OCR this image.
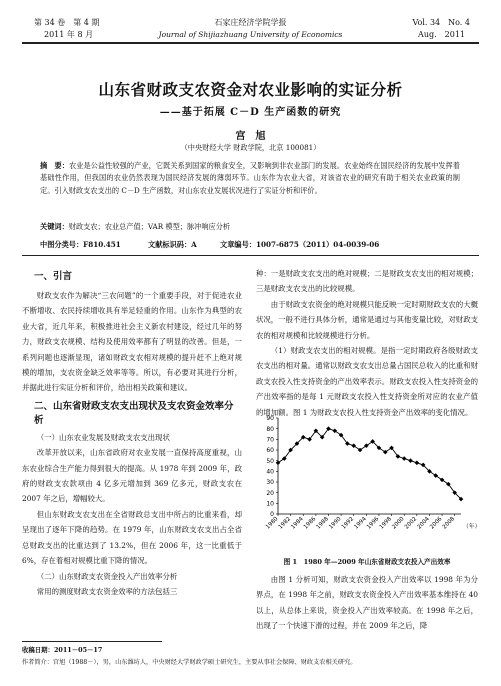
第 34 卷　第 4 期
2011 年 8 月
石家庄经济学院学报
Journal of Shijiazhuang University of Economics
Vol. 34　No. 4
Aug.　2011
山东省财政支农资金对农业影响的实证分析
——基于拓展 C－D 生产函数的研究
宫　旭
（中央财经大学 财政学院，北京 100081）
摘　要：农业是公益性较强的产业，它既关系到国家的粮食安全，又影响到非农业部门的发展。农业始终在国民经济的发展中发挥着基础性作用，但我国的农业仍然表现为国民经济发展的薄弱环节。山东作为农业大省，对该省农业的研究有助于相关农业政策的制定。引入财政支农支出的 C－D 生产函数，对山东农业发展状况进行了实证分析和评价。
关键词：财政支农；农业总产值；VAR 模型；脉冲响应分析
中图分类号：F810.451	文献标识码：A	文章编号：1007-6875（2011）04-0039-06
一、引言

财政支农作为解决“三农问题”的一个重要手段，对于促进农业不断增收、农民持续增收具有举足轻重的作用。山东作为典型的农业大省，近几年来，积极推进社会主义新农村建设，经过几年的努力，财政支农规模、结构及使用效率都有了明显的改善。但是，一系列问题也逐渐显现，诸如财政支农相对规模的提升赶不上绝对规模的增加，支农资金缺乏效率等等。所以，有必要对其进行分析，并据此进行实证分析和评价，给出相关政策和建议。

二、山东省财政支农支出现状及支农资金效率分析

（一）山东农业发展及财政支农支出现状

改革开放以来，山东省政府对农业发展一直保持高度重视，山东农业综合生产能力得到很大的提高。从 1978 年到 2009 年，政府的财政支农款项由 4 亿多元增加到 369 亿多元，财政支农在 2007 年之后，增幅较大。

但山东财政支农支出在全省财政总支出中所占的比重来看，却呈现出了逐年下降的趋势。在 1979 年，山东财政支农支出占全省总财政支出的比重达到了 13.2%，但在 2006 年，这一比重低于 6%，存在着相对规模比重下降的情况。

（二）山东财政支农资金投入产出效率分析

常用的测度财政支农资金效率的方法包括三

种：一是财政支农支出的绝对规模；二是财政支农支出的相对规模；三是财政支农支出的比较规模。

由于财政支农资金的绝对规模只能反映一定时期财政支农的大概状况，一般不进行具体分析，通常是通过与其他变量比较，对财政支农的相对规模和比较规模进行分析。

（1）财政支农支出的相对规模。是指一定时期政府各级财政支农支出的相对量。通常以财政支农支出总量占国民总收入的比重和财政支农投入性支持资金的产出效率表示。财政支农投入性支持资金的产出效率指的是每 1 元财政支农投入性支持资金所对应的农业产值的增加额。图 1 为财政支农投入性支持资金产出效率的变化情况。

0
10
20
30
40
50
60
70
80
90
1980
1982
1984
1986
1988
1990
1992
1994
1996
1998
2000
2002
2004
2006
2008 （年）
图 1　1980 年—2009 年山东省财政支农投入产出效率

由图 1 分析可知，财政支农资金投入产出效率以 1998 年为分界点，在 1998 年之前，财政支农资金投入产出效率基本维持在 40 以上，从总体上来说，资金投入产出效率较高。在 1998 年之后，出现了一个快速下滑的过程，并在 2009 年之后，降

收稿日期：2011－05－17
作者简介：宫旭（1988－），男，山东潍坊人，中央财经大学财政学硕士研究生，主要从事社会保障、财政支农相关研究。
